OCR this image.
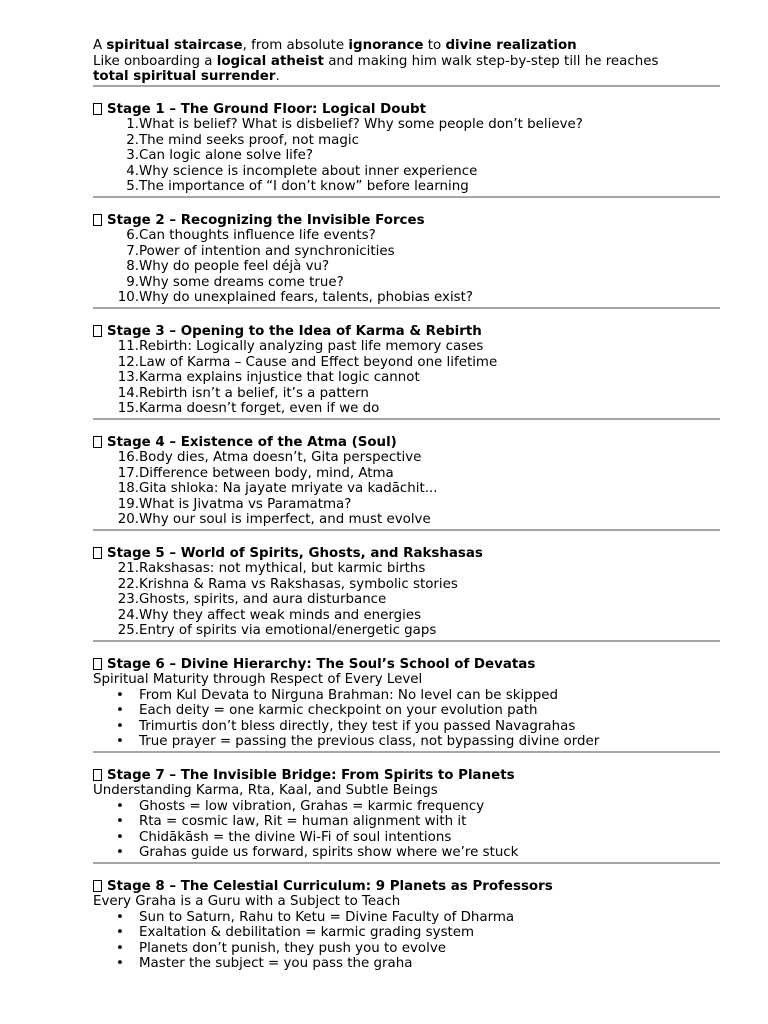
A spiritual staircase, from absolute ignorance to divine realization

Like onboarding a logical atheist and making him walk step-by-step till he reaches

total spiritual surrender.

Stage 1 – The Ground Floor: Logical Doubt

1. What is belief? What is disbelief? Why some people don’t believe?
2. The mind seeks proof, not magic
3. Can logic alone solve life?
4. Why science is incomplete about inner experience
5. The importance of “I don’t know” before learning

Stage 2 – Recognizing the Invisible Forces

6. Can thoughts influence life events?
7. Power of intention and synchronicities
8. Why do people feel déjà vu?
9. Why some dreams come true?
10. Why do unexplained fears, talents, phobias exist?

Stage 3 – Opening to the Idea of Karma & Rebirth

11. Rebirth: Logically analyzing past life memory cases
12. Law of Karma – Cause and Effect beyond one lifetime
13. Karma explains injustice that logic cannot
14. Rebirth isn’t a belief, it’s a pattern
15. Karma doesn’t forget, even if we do

Stage 4 – Existence of the Atma (Soul)

16. Body dies, Atma doesn’t, Gita perspective
17. Difference between body, mind, Atma
18. Gita shloka: Na jayate mriyate va kadāchit...
19. What is Jivatma vs Paramatma?
20. Why our soul is imperfect, and must evolve

Stage 5 – World of Spirits, Ghosts, and Rakshasas

21. Rakshasas: not mythical, but karmic births
22. Krishna & Rama vs Rakshasas, symbolic stories
23. Ghosts, spirits, and aura disturbance
24. Why they affect weak minds and energies
25. Entry of spirits via emotional/energetic gaps

Stage 6 – Divine Hierarchy: The Soul’s School of Devatas

Spiritual Maturity through Respect of Every Level

• From Kul Devata to Nirguna Brahman: No level can be skipped
• Each deity = one karmic checkpoint on your evolution path
• Trimurtis don’t bless directly, they test if you passed Navagrahas
• True prayer = passing the previous class, not bypassing divine order

Stage 7 – The Invisible Bridge: From Spirits to Planets

Understanding Karma, Rta, Kaal, and Subtle Beings

• Ghosts = low vibration, Grahas = karmic frequency
• Rta = cosmic law, Rit = human alignment with it
• Chidākāsh = the divine Wi-Fi of soul intentions
• Grahas guide us forward, spirits show where we’re stuck

Stage 8 – The Celestial Curriculum: 9 Planets as Professors

Every Graha is a Guru with a Subject to Teach

• Sun to Saturn, Rahu to Ketu = Divine Faculty of Dharma
• Exaltation & debilitation = karmic grading system
• Planets don’t punish, they push you to evolve
• Master the subject = you pass the graha
